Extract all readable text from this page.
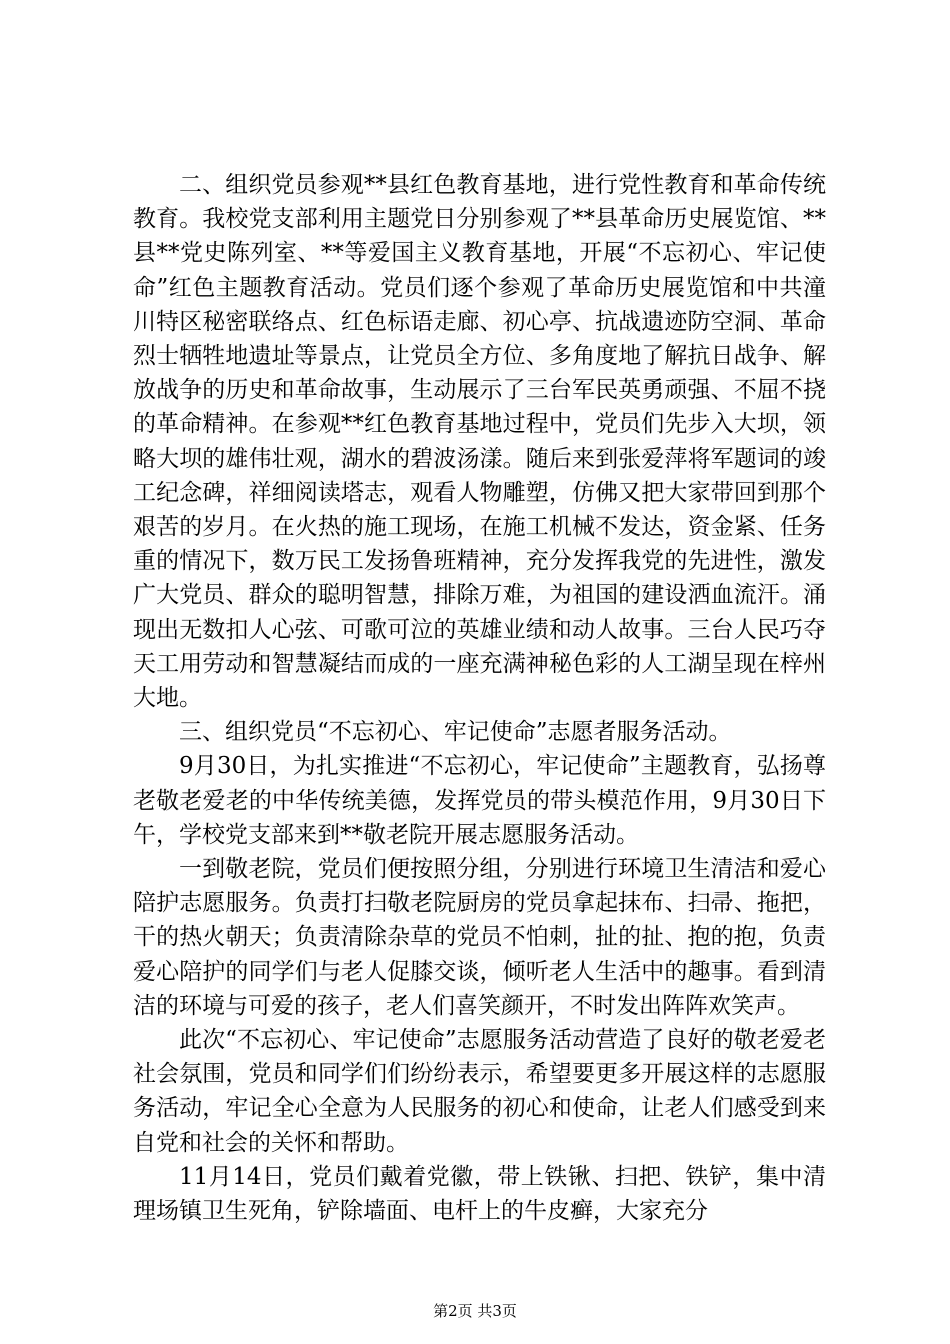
二、组织党员参观**县红色教育基地，进行党性教育和革命传统教育。我校党支部利用主题党日分别参观了**县革命历史展览馆、**县**党史陈列室、**等爱国主义教育基地，开展“不忘初心、牢记使命”红色主题教育活动。党员们逐个参观了革命历史展览馆和中共潼川特区秘密联络点、红色标语走廊、初心亭、抗战遗迹防空洞、革命烈士牺牲地遗址等景点，让党员全方位、多角度地了解抗日战争、解放战争的历史和革命故事，生动展示了三台军民英勇顽强、不屈不挠的革命精神。在参观**红色教育基地过程中，党员们先步入大坝，领略大坝的雄伟壮观，湖水的碧波汤漾。随后来到张爱萍将军题词的竣工纪念碑，祥细阅读塔志，观看人物雕塑，仿佛又把大家带回到那个艰苦的岁月。在火热的施工现场，在施工机械不发达，资金紧、任务重的情况下，数万民工发扬鲁班精神，充分发挥我党的先进性，激发广大党员、群众的聪明智慧，排除万难，为祖国的建设洒血流汗。涌现出无数扣人心弦、可歌可泣的英雄业绩和动人故事。三台人民巧夺天工用劳动和智慧凝结而成的一座充满神秘色彩的人工湖呈现在梓州大地。

三、组织党员“不忘初心、牢记使命”志愿者服务活动。

9月30日，为扎实推进“不忘初心，牢记使命”主题教育，弘扬尊老敬老爱老的中华传统美德，发挥党员的带头模范作用，9月30日下午，学校党支部来到**敬老院开展志愿服务活动。

一到敬老院，党员们便按照分组，分别进行环境卫生清洁和爱心陪护志愿服务。负责打扫敬老院厨房的党员拿起抹布、扫帚、拖把，干的热火朝天；负责清除杂草的党员不怕刺，扯的扯、抱的抱，负责爱心陪护的同学们与老人促膝交谈，倾听老人生活中的趣事。看到清洁的环境与可爱的孩子，老人们喜笑颜开，不时发出阵阵欢笑声。

此次“不忘初心、牢记使命”志愿服务活动营造了良好的敬老爱老社会氛围，党员和同学们们纷纷表示，希望要更多开展这样的志愿服务活动，牢记全心全意为人民服务的初心和使命，让老人们感受到来自党和社会的关怀和帮助。

11月14日，党员们戴着党徽，带上铁锹、扫把、铁铲，集中清理场镇卫生死角，铲除墙面、电杆上的牛皮癣，大家充分

第2页 共3页
